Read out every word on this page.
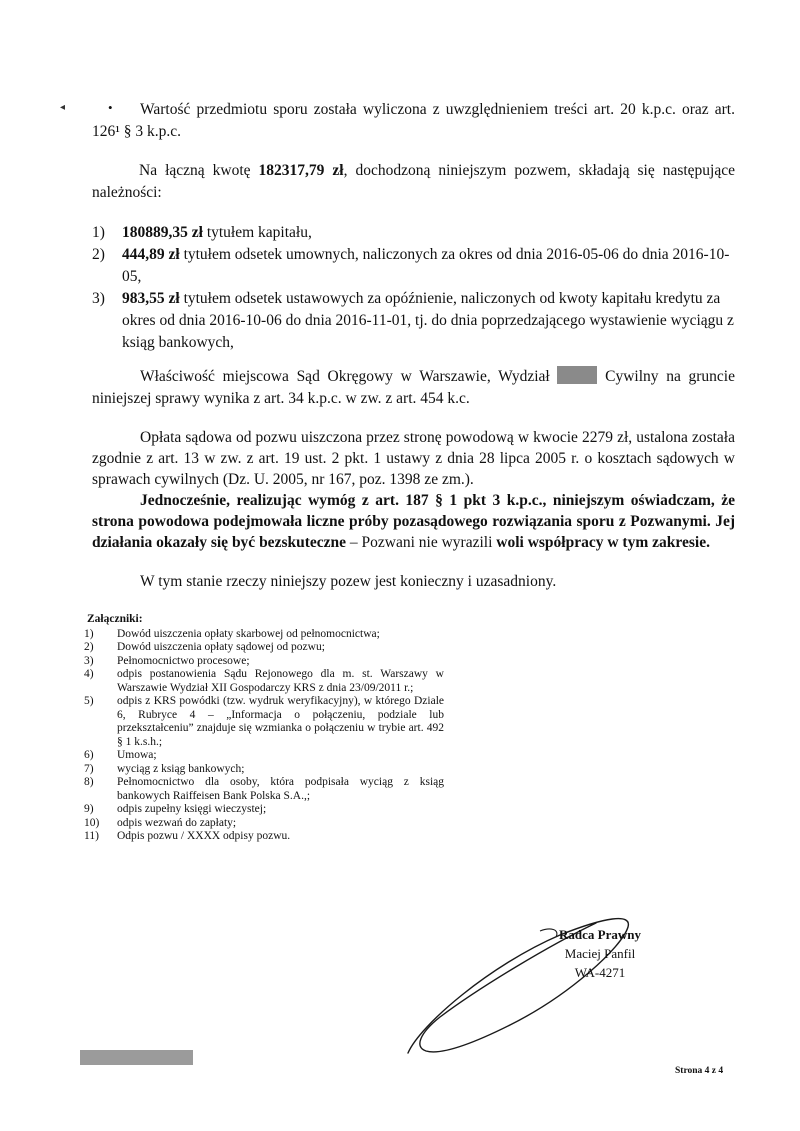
◂	•	Wartość przedmiotu sporu została wyliczona z uwzględnieniem treści art. 20 k.p.c. oraz art. 126¹ § 3 k.p.c.
Na łączną kwotę 182317,79 zł, dochodzoną niniejszym pozwem, składają się następujące należności:
1)	180889,35 zł tytułem kapitału,
2)	444,89 zł tytułem odsetek umownych, naliczonych za okres od dnia 2016-05-06 do dnia 2016-10-05,
3)	983,55 zł tytułem odsetek ustawowych za opóźnienie, naliczonych od kwoty kapitału kredytu za okres od dnia 2016-10-06 do dnia 2016-11-01, tj. do dnia poprzedzającego wystawienie wyciągu z ksiąg bankowych,
Właściwość miejscowa Sąd Okręgowy w Warszawie, Wydział	Cywilny na gruncie niniejszej sprawy wynika z art. 34 k.p.c. w zw. z art. 454 k.c.
Opłata sądowa od pozwu uiszczona przez stronę powodową w kwocie 2279 zł, ustalona została zgodnie z art. 13 w zw. z art. 19 ust. 2 pkt. 1 ustawy z dnia 28 lipca 2005 r. o kosztach sądowych w sprawach cywilnych (Dz. U. 2005, nr 167, poz. 1398 ze zm.).
Jednocześnie, realizując wymóg z art. 187 § 1 pkt 3 k.p.c., niniejszym oświadczam, że strona powodowa podejmowała liczne próby pozasądowego rozwiązania sporu z Pozwanymi. Jej działania okazały się być bezskuteczne – Pozwani nie wyrazili woli współpracy w tym zakresie.
W tym stanie rzeczy niniejszy pozew jest konieczny i uzasadniony.
Załączniki:
1)	Dowód uiszczenia opłaty skarbowej od pełnomocnictwa;
2)	Dowód uiszczenia opłaty sądowej od pozwu;
3)	Pełnomocnictwo procesowe;
4)	odpis postanowienia Sądu Rejonowego dla m. st. Warszawy w Warszawie Wydział XII Gospodarczy KRS z dnia 23/09/2011 r.;
5)	odpis z KRS powódki (tzw. wydruk weryfikacyjny), w którego Dziale 6, Rubryce 4 – „Informacja o połączeniu, podziale lub przekształceniu” znajduje się wzmianka o połączeniu w trybie art. 492 § 1 k.s.h.;
6)	Umowa;
7)	wyciąg z ksiąg bankowych;
8)	Pełnomocnictwo dla osoby, która podpisała wyciąg z ksiąg bankowych Raiffeisen Bank Polska S.A.,;
9)	odpis zupełny księgi wieczystej;
10)	odpis wezwań do zapłaty;
11)	Odpis pozwu / XXXX odpisy pozwu.
Radca Prawny
Maciej Panfil
WA-4271
Strona 4 z 4
